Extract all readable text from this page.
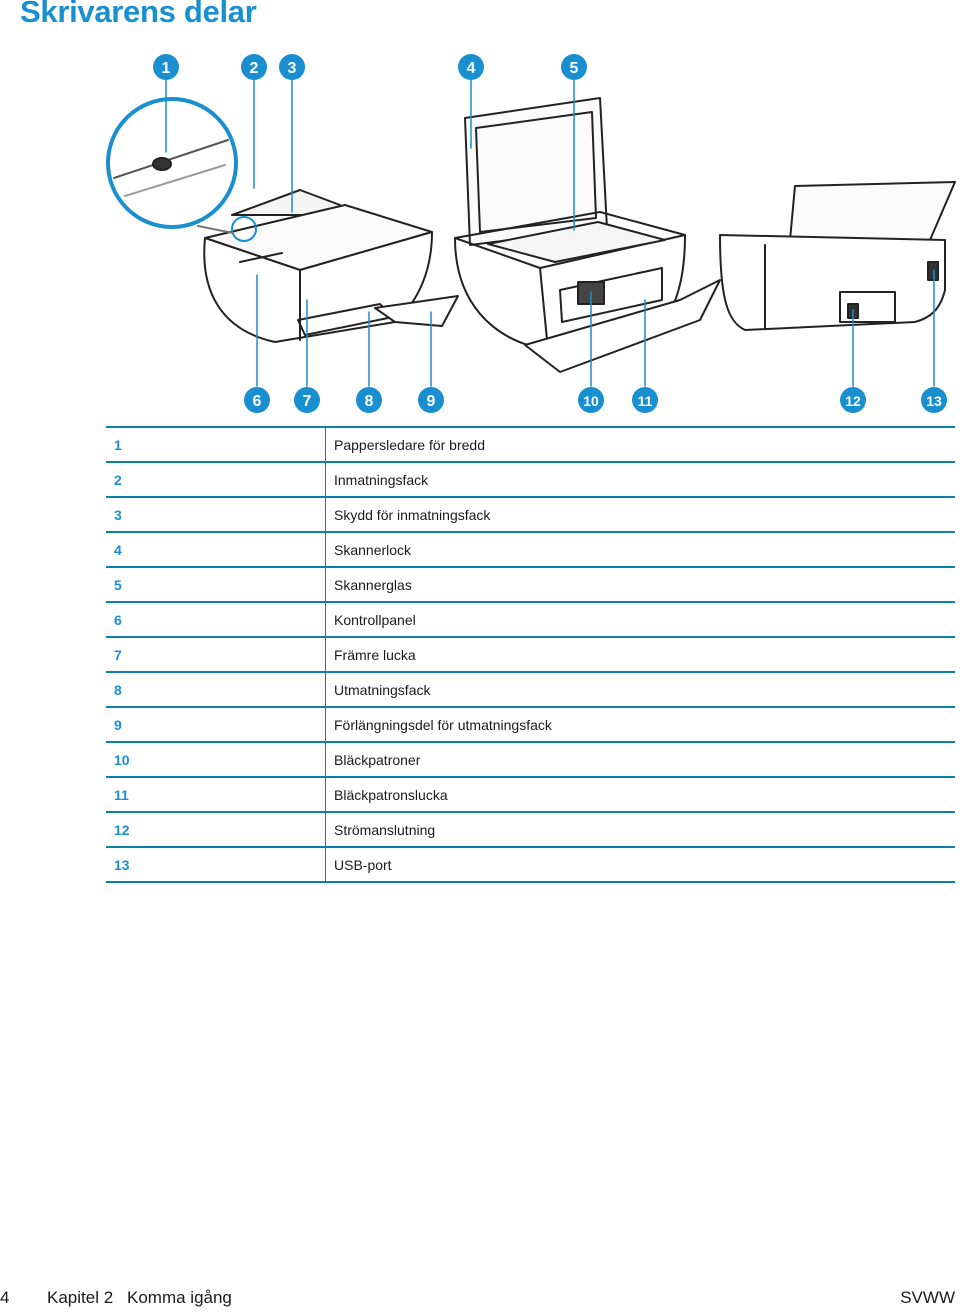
Skrivarens delar
1	2 3	4	5
6	7	8	9	10	11	12	13
1	Pappersledare för bredd
2	Inmatningsfack
3	Skydd för inmatningsfack
4	Skannerlock
5	Skannerglas
6	Kontrollpanel
7	Främre lucka
8	Utmatningsfack
9	Förlängningsdel för utmatningsfack
10	Bläckpatroner
11	Bläckpatronslucka
12	Strömanslutning
13	USB-port
4 Kapitel 2 Komma igång	SVWW
